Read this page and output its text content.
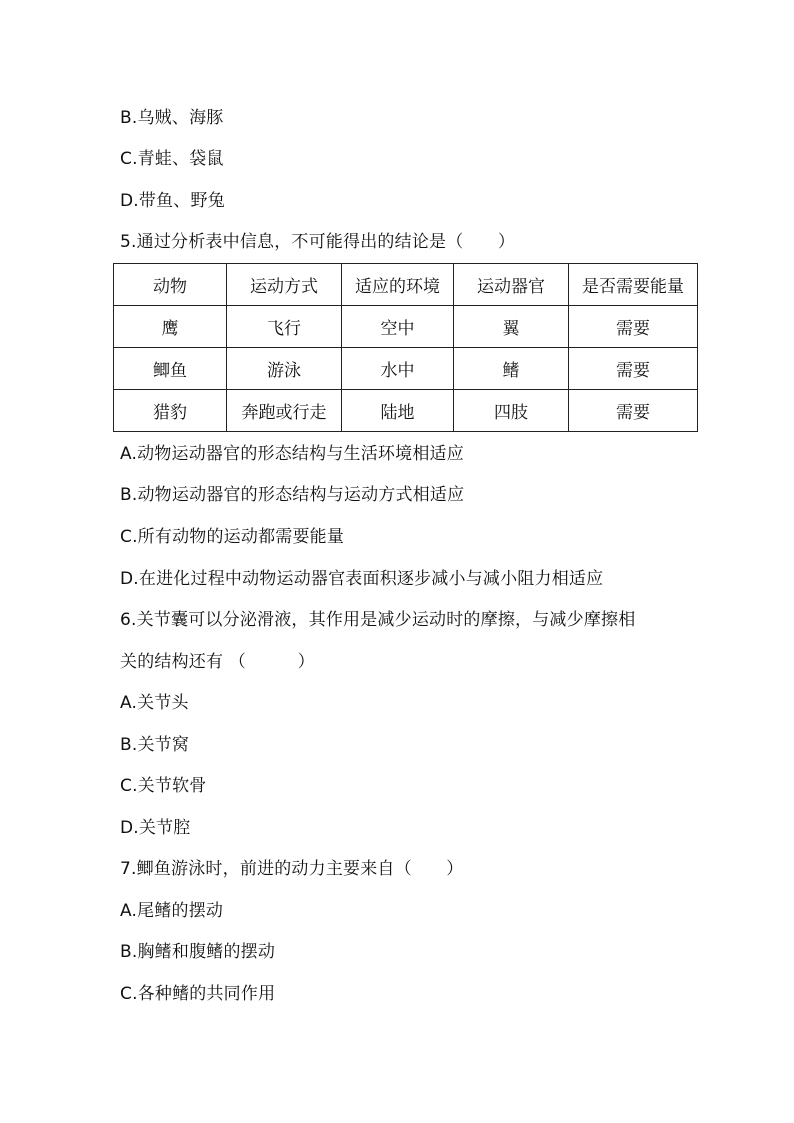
B.乌贼、海豚
C.青蛙、袋鼠
D.带鱼、野兔
5.通过分析表中信息，不可能得出的结论是（　　）
动物	运动方式	适应的环境	运动器官	是否需要能量
鹰	飞行	空中	翼	需要
鲫鱼	游泳	水中	鳍	需要
猎豹	奔跑或行走	陆地	四肢	需要
A.动物运动器官的形态结构与生活环境相适应
B.动物运动器官的形态结构与运动方式相适应
C.所有动物的运动都需要能量
D.在进化过程中动物运动器官表面积逐步减小与减小阻力相适应
6.关节囊可以分泌滑液，其作用是减少运动时的摩擦，与减少摩擦相
关的结构还有 （　　　）
A.关节头
B.关节窝
C.关节软骨
D.关节腔
7.鲫鱼游泳时，前进的动力主要来自（　　）
A.尾鳍的摆动
B.胸鳍和腹鳍的摆动
C.各种鳍的共同作用
